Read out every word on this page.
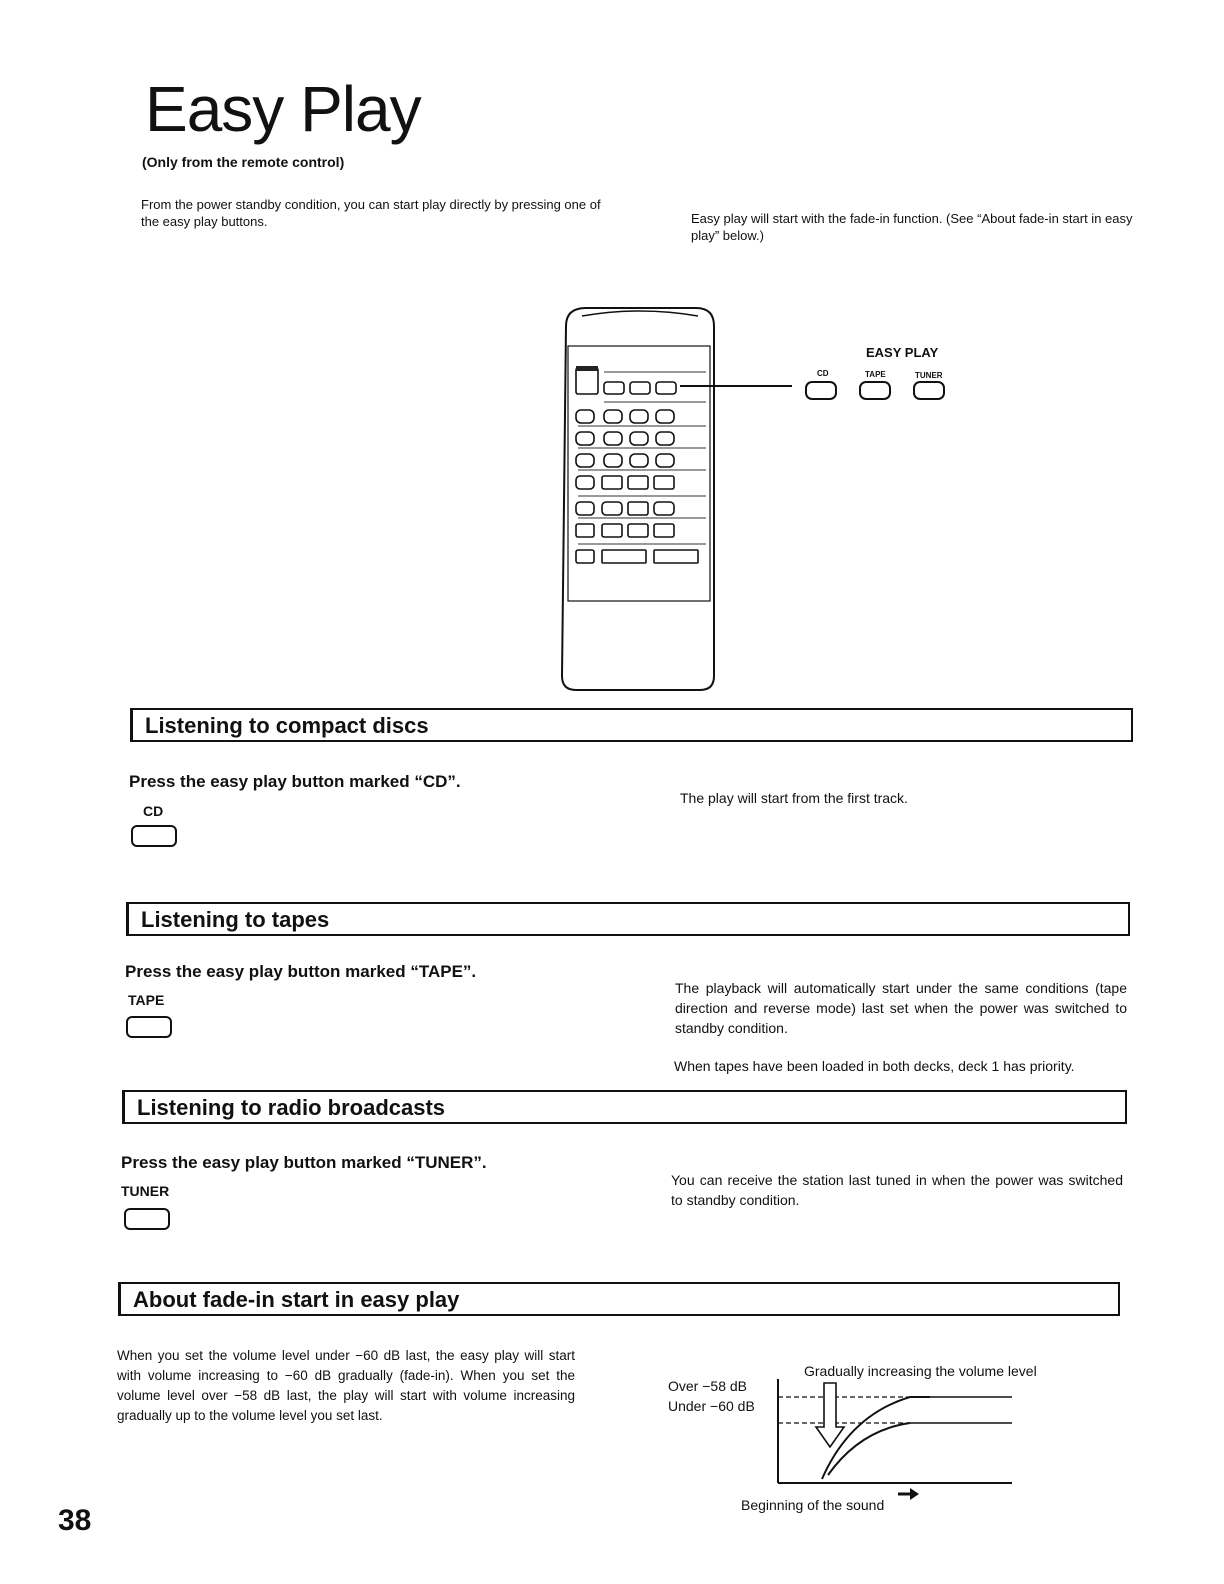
Easy Play
(Only from the remote control)
From the power standby condition, you can start play directly by pressing one of the easy play buttons.	Easy play will start with the fade-in function. (See “About fade-in start in easy play” below.)
EASY PLAY
CD	TAPE	TUNER
Listening to compact discs
Press the easy play button marked “CD”.
CD
The play will start from the first track.
Listening to tapes
Press the easy play button marked “TAPE”.
TAPE
The playback will automatically start under the same conditions (tape direction and reverse mode) last set when the power was switched to standby condition.
When tapes have been loaded in both decks, deck 1 has priority.
Listening to radio broadcasts
Press the easy play button marked “TUNER”.
TUNER
You can receive the station last tuned in when the power was switched to standby condition.
About fade-in start in easy play
When you set the volume level under −60 dB last, the easy play will start with volume increasing to −60 dB gradually (fade-in). When you set the volume level over −58 dB last, the play will start with volume increasing gradually up to the volume level you set last.
Gradually increasing the volume level
Over −58 dB
Under −60 dB
Beginning of the sound
38
